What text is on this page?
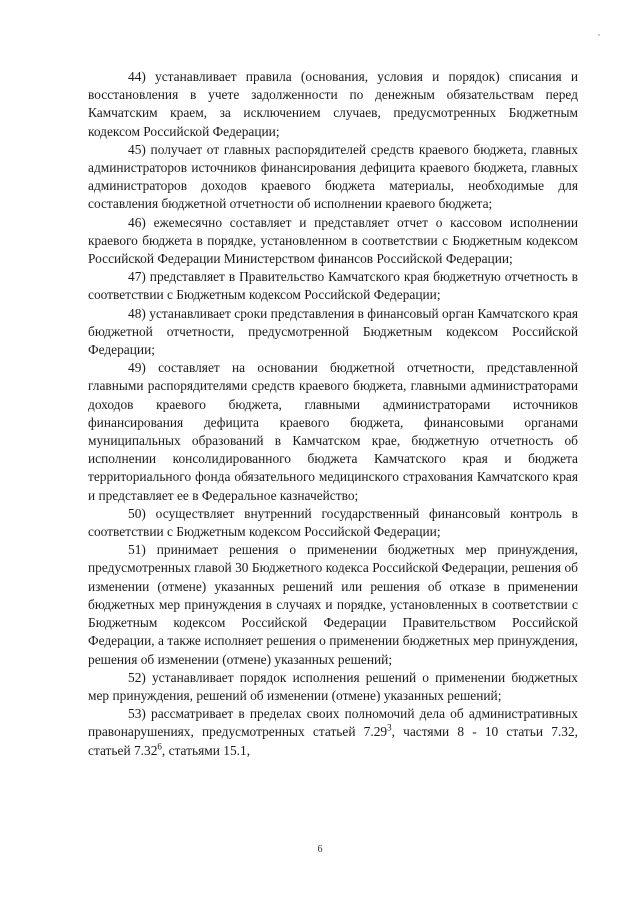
44) устанавливает правила (основания, условия и порядок) списания и восстановления в учете задолженности по денежным обязательствам перед Камчатским краем, за исключением случаев, предусмотренных Бюджетным кодексом Российской Федерации;

45) получает от главных распорядителей средств краевого бюджета, главных администраторов источников финансирования дефицита краевого бюджета, главных администраторов доходов краевого бюджета материалы, необходимые для составления бюджетной отчетности об исполнении краевого бюджета;

46) ежемесячно составляет и представляет отчет о кассовом исполнении краевого бюджета в порядке, установленном в соответствии с Бюджетным кодексом Российской Федерации Министерством финансов Российской Федерации;

47) представляет в Правительство Камчатского края бюджетную отчетность в соответствии с Бюджетным кодексом Российской Федерации;

48) устанавливает сроки представления в финансовый орган Камчатского края бюджетной отчетности, предусмотренной Бюджетным кодексом Российской Федерации;

49) составляет на основании бюджетной отчетности, представленной главными распорядителями средств краевого бюджета, главными администраторами доходов краевого бюджета, главными администраторами источников финансирования дефицита краевого бюджета, финансовыми органами муниципальных образований в Камчатском крае, бюджетную отчетность об исполнении консолидированного бюджета Камчатского края и бюджета территориального фонда обязательного медицинского страхования Камчатского края и представляет ее в Федеральное казначейство;

50) осуществляет внутренний государственный финансовый контроль в соответствии с Бюджетным кодексом Российской Федерации;

51) принимает решения о применении бюджетных мер принуждения, предусмотренных главой 30 Бюджетного кодекса Российской Федерации, решения об изменении (отмене) указанных решений или решения об отказе в применении бюджетных мер принуждения в случаях и порядке, установленных в соответствии с Бюджетным кодексом Российской Федерации Правительством Российской Федерации, а также исполняет решения о применении бюджетных мер принуждения, решения об изменении (отмене) указанных решений;

52) устанавливает порядок исполнения решений о применении бюджетных мер принуждения, решений об изменении (отмене) указанных решений;

53) рассматривает в пределах своих полномочий дела об административных правонарушениях, предусмотренных статьей 7.29$^3$, частями 8 - 10 статьи 7.32, статьей 7.32$^6$, статьями 15.1,

6
